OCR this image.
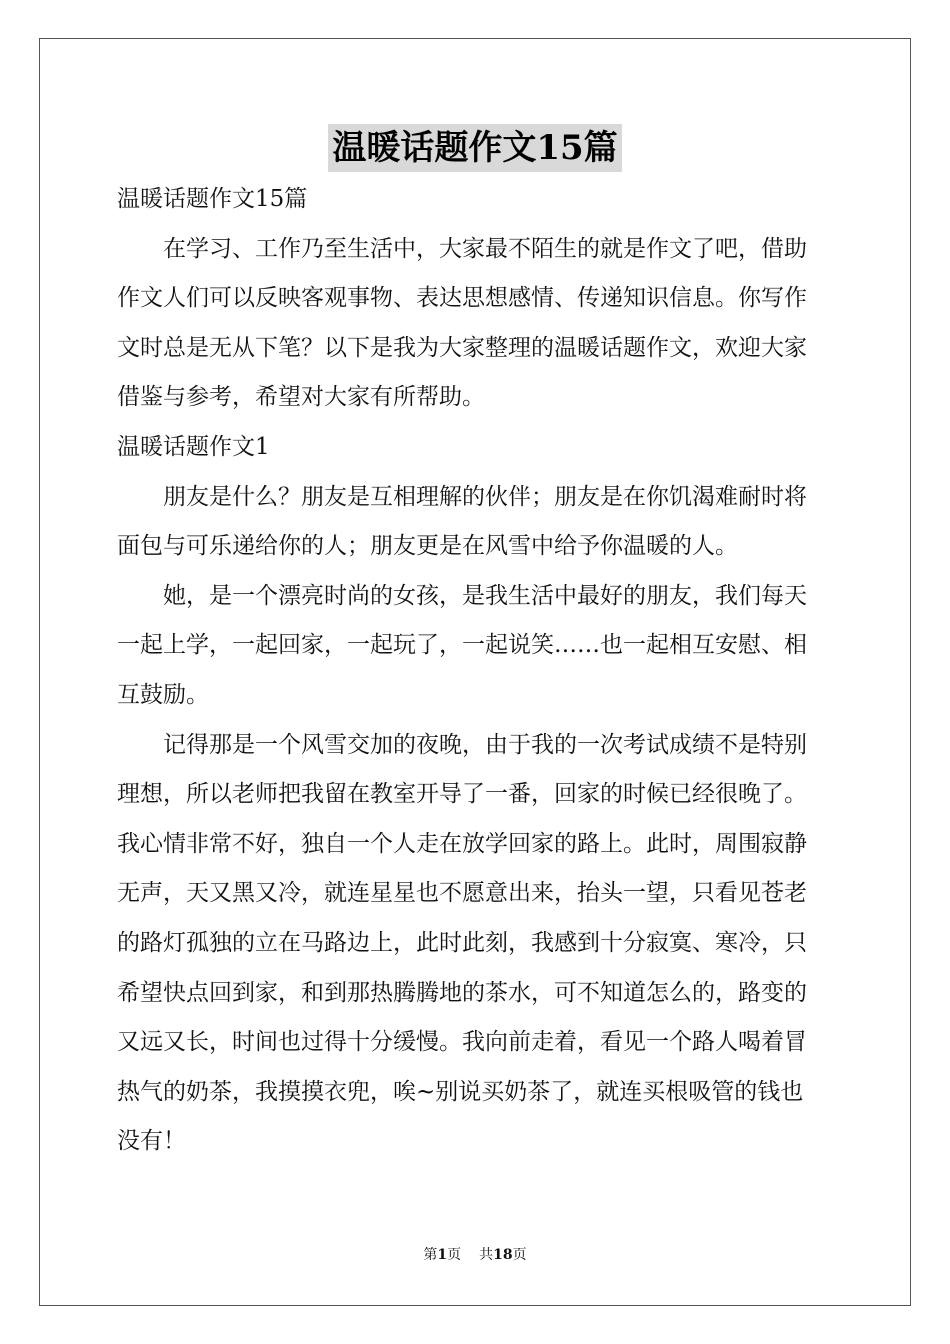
温暖话题作文15篇
温暖话题作文15篇
在学习、工作乃至生活中，大家最不陌生的就是作文了吧，借助
作文人们可以反映客观事物、表达思想感情、传递知识信息。你写作
文时总是无从下笔？以下是我为大家整理的温暖话题作文，欢迎大家
借鉴与参考，希望对大家有所帮助。
温暖话题作文1
朋友是什么？朋友是互相理解的伙伴；朋友是在你饥渴难耐时将
面包与可乐递给你的人；朋友更是在风雪中给予你温暖的人。
她，是一个漂亮时尚的女孩，是我生活中最好的朋友，我们每天
一起上学，一起回家，一起玩了，一起说笑……也一起相互安慰、相
互鼓励。
记得那是一个风雪交加的夜晚，由于我的一次考试成绩不是特别
理想，所以老师把我留在教室开导了一番，回家的时候已经很晚了。
我心情非常不好，独自一个人走在放学回家的路上。此时，周围寂静
无声，天又黑又冷，就连星星也不愿意出来，抬头一望，只看见苍老
的路灯孤独的立在马路边上，此时此刻，我感到十分寂寞、寒冷，只
希望快点回到家，和到那热腾腾地的茶水，可不知道怎么的，路变的
又远又长，时间也过得十分缓慢。我向前走着，看见一个路人喝着冒
热气的奶茶，我摸摸衣兜，唉~别说买奶茶了，就连买根吸管的钱也
没有！
第1页 共18页
